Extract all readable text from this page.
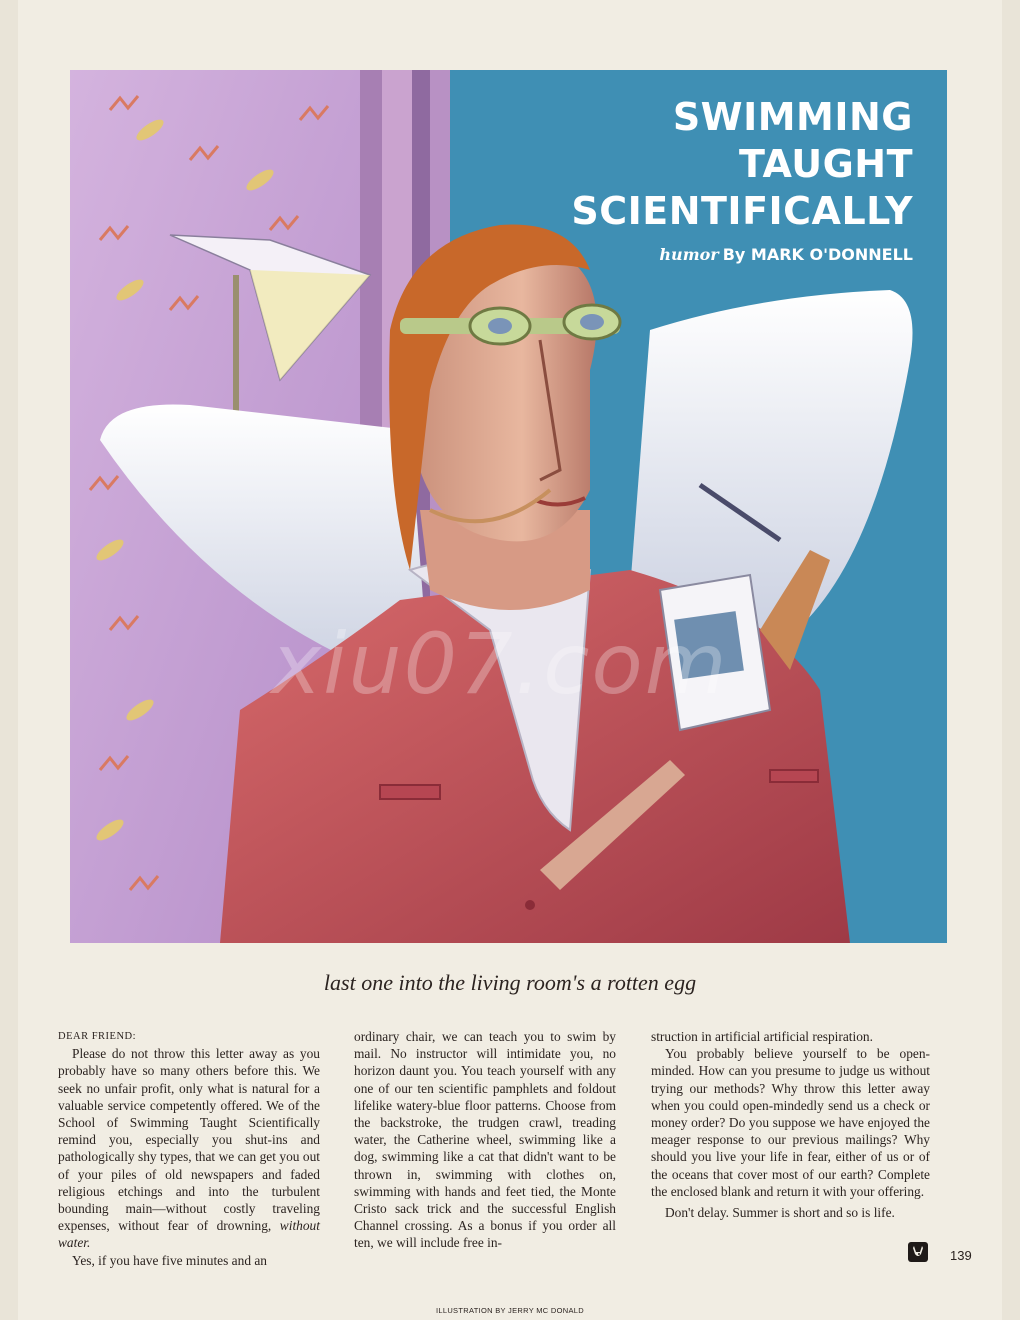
SWIMMING
TAUGHT
SCIENTIFICALLY
humor By MARK O'DONNELL
xiu07.com
last one into the living room's a rotten egg
DEAR FRIEND:

Please do not throw this letter away as you probably have so many others before this. We seek no unfair profit, only what is natural for a valuable service competently offered. We of the School of Swimming Taught Scientifically remind you, especially you shut-ins and pathologically shy types, that we can get you out of your piles of old newspapers and faded religious etchings and into the turbulent bounding main—without costly traveling expenses, without fear of drowning, without water.

Yes, if you have five minutes and an

ordinary chair, we can teach you to swim by mail. No instructor will intimidate you, no horizon daunt you. You teach yourself with any one of our ten scientific pamphlets and foldout lifelike watery-blue floor patterns. Choose from the backstroke, the trudgen crawl, treading water, the Catherine wheel, swimming like a dog, swimming like a cat that didn't want to be thrown in, swimming with clothes on, swimming with hands and feet tied, the Monte Cristo sack trick and the successful English Channel crossing. As a bonus if you order all ten, we will include free in-

struction in artificial artificial respiration.

You probably believe yourself to be open-minded. How can you presume to judge us without trying our methods? Why throw this letter away when you could open-mindedly send us a check or money order? Do you suppose we have enjoyed the meager response to our previous mailings? Why should you live your life in fear, either of us or of the oceans that cover most of our earth? Complete the enclosed blank and return it with your offering.

Don't delay. Summer is short and so is life.

139
ILLUSTRATION BY JERRY MC DONALD
